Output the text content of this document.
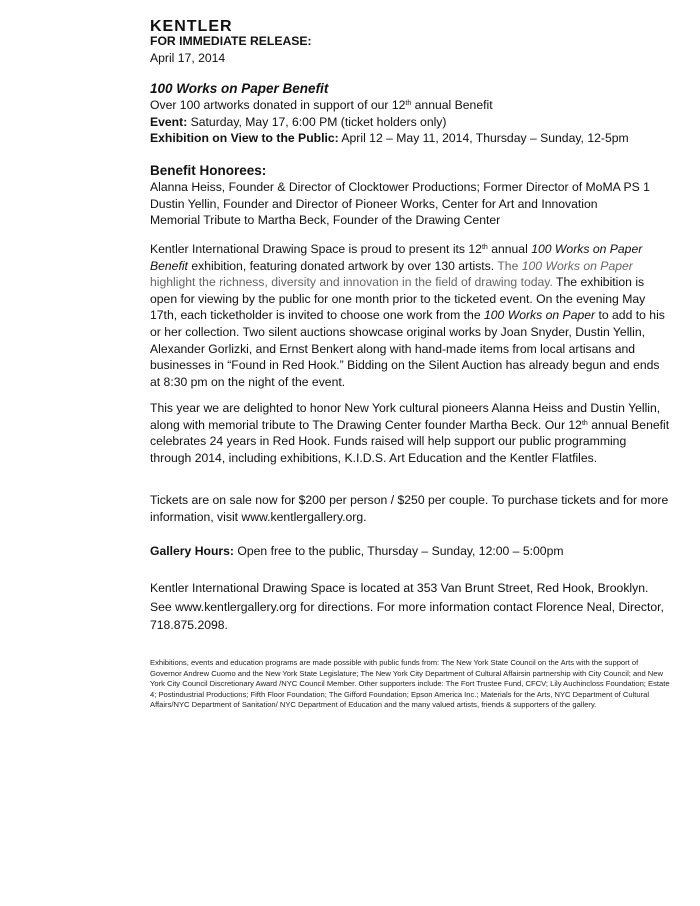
KENTLER

FOR IMMEDIATE RELEASE:

April 17, 2014

100 Works on Paper Benefit

Over 100 artworks donated in support of our 12th annual Benefit

Event: Saturday, May 17, 6:00 PM (ticket holders only)

Exhibition on View to the Public: April 12 – May 11, 2014, Thursday – Sunday, 12-5pm

Benefit Honorees:

Alanna Heiss, Founder & Director of Clocktower Productions; Former Director of MoMA PS 1

Dustin Yellin, Founder and Director of Pioneer Works, Center for Art and Innovation

Memorial Tribute to Martha Beck, Founder of the Drawing Center

Kentler International Drawing Space is proud to present its 12th annual 100 Works on Paper Benefit exhibition, featuring donated artwork by over 130 artists. The 100 Works on Paper highlight the richness, diversity and innovation in the field of drawing today. The exhibition is open for viewing by the public for one month prior to the ticketed event. On the evening May 17th, each ticketholder is invited to choose one work from the 100 Works on Paper to add to his or her collection. Two silent auctions showcase original works by Joan Snyder, Dustin Yellin, Alexander Gorlizki, and Ernst Benkert along with hand-made items from local artisans and businesses in “Found in Red Hook.” Bidding on the Silent Auction has already begun and ends at 8:30 pm on the night of the event.

This year we are delighted to honor New York cultural pioneers Alanna Heiss and Dustin Yellin, along with memorial tribute to The Drawing Center founder Martha Beck. Our 12th annual Benefit celebrates 24 years in Red Hook. Funds raised will help support our public programming through 2014, including exhibitions, K.I.D.S. Art Education and the Kentler Flatfiles.

Tickets are on sale now for $200 per person / $250 per couple. To purchase tickets and for more information, visit www.kentlergallery.org.

Gallery Hours: Open free to the public, Thursday – Sunday, 12:00 – 5:00pm

Kentler International Drawing Space is located at 353 Van Brunt Street, Red Hook, Brooklyn. See www.kentlergallery.org for directions. For more information contact Florence Neal, Director, 718.875.2098.

Exhibitions, events and education programs are made possible with public funds from: The New York State Council on the Arts with the support of Governor Andrew Cuomo and the New York State Legislature; The New York City Department of Cultural Affairsin partnership with City Council; and New York City Council Discretionary Award /NYC Council Member. Other supporters include: The Fort Trustee Fund, CFCV; Lily Auchincloss Foundation; Estate 4; Postindustrial Productions; Fifth Floor Foundation; The Gifford Foundation; Epson America Inc.; Materials for the Arts, NYC Department of Cultural Affairs/NYC Department of Sanitation/ NYC Department of Education and the many valued artists, friends & supporters of the gallery.
